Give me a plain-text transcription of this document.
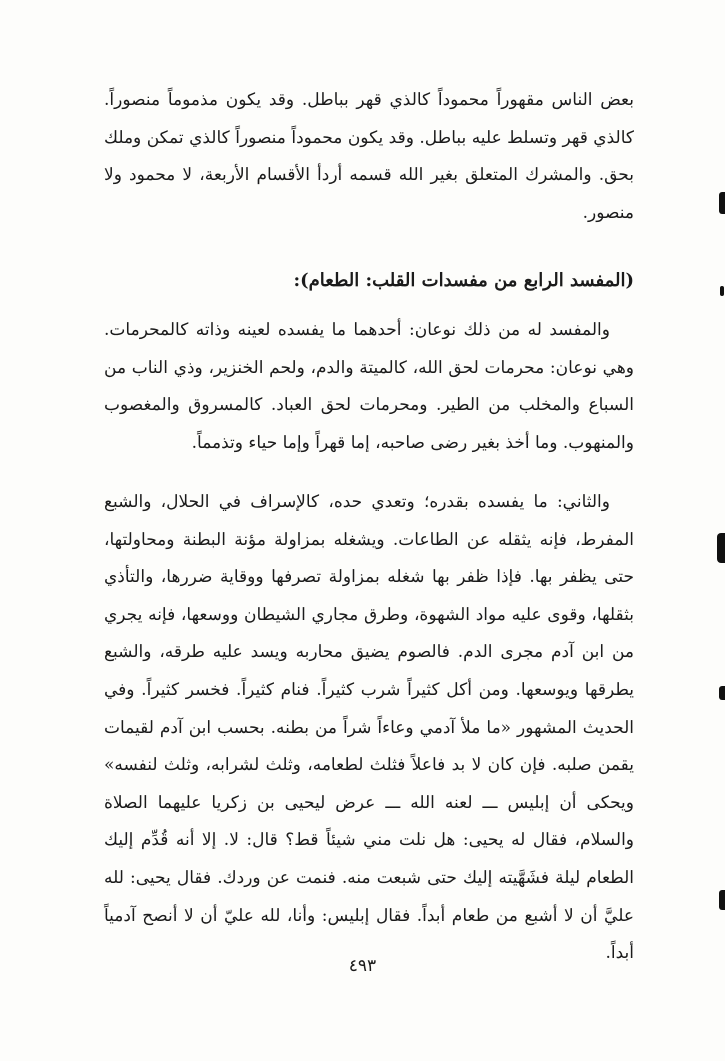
بعض الناس مقهوراً محموداً كالذي قهر بباطل. وقد يكون مذموماً منصوراً. كالذي قهر وتسلط عليه بباطل. وقد يكون محموداً منصوراً كالذي تمكن وملك بحق. والمشرك المتعلق بغير الله قسمه أردأ الأقسام الأربعة، لا محمود ولا منصور.

(المفسد الرابع من مفسدات القلب: الطعام):

والمفسد له من ذلك نوعان: أحدهما ما يفسده لعينه وذاته كالمحرمات. وهي نوعان: محرمات لحق الله، كالميتة والدم، ولحم الخنزير، وذي الناب من السباع والمخلب من الطير. ومحرمات لحق العباد. كالمسروق والمغصوب والمنهوب. وما أخذ بغير رضى صاحبه، إما قهراً وإما حياء وتذمماً.

والثاني: ما يفسده بقدره؛ وتعدي حده، كالإسراف في الحلال، والشبع المفرط، فإنه يثقله عن الطاعات. ويشغله بمزاولة مؤنة البطنة ومحاولتها، حتى يظفر بها. فإذا ظفر بها شغله بمزاولة تصرفها ووقاية ضررها، والتأذي بثقلها، وقوى عليه مواد الشهوة، وطرق مجاري الشيطان ووسعها، فإنه يجري من ابن آدم مجرى الدم. فالصوم يضيق محاربه ويسد عليه طرقه، والشبع يطرقها ويوسعها. ومن أكل كثيراً شرب كثيراً. فنام كثيراً. فخسر كثيراً. وفي الحديث المشهور «ما ملأ آدمي وعاءاً شراً من بطنه. بحسب ابن آدم لقيمات يقمن صلبه. فإن كان لا بد فاعلاً فثلث لطعامه، وثلث لشرابه، وثلث لنفسه» ويحكى أن إبليس ـــ لعنه الله ـــ عرض ليحيى بن زكريا عليهما الصلاة والسلام، فقال له يحيى: هل نلت مني شيئاً قط؟ قال: لا. إلا أنه قُدِّم إليك الطعام ليلة فشَهَّيته إليك حتى شبعت منه. فنمت عن وردك. فقال يحيى: لله عليَّ أن لا أشبع من طعام أبداً. فقال إبليس: وأنا، لله عليّ أن لا أنصح آدمياً أبداً.

٤٩٣
